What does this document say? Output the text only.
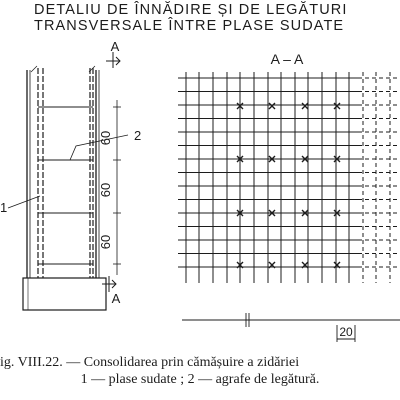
DETALIU DE ÎNNĂDIRE ȘI DE LEGĂTURI
TRANSVERSALE ÎNTRE PLASE SUDATE
60
60
60
A
A
2
1
A – A
20
ig. VIII.22. — Consolidarea prin cămășuire a zidăriei
1 — plase sudate ; 2 — agrafe de legătură.
